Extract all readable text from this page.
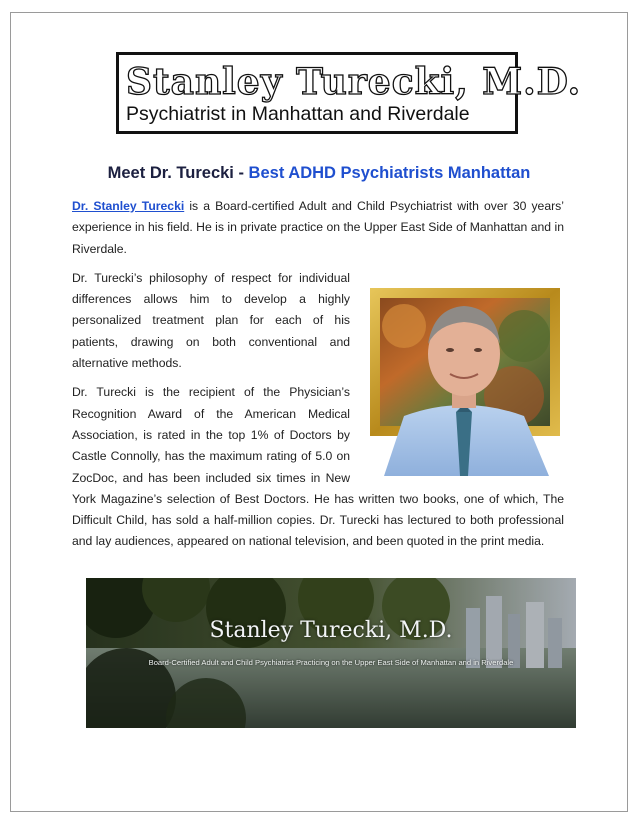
Stanley Turecki, M.D.
Psychiatrist in Manhattan and Riverdale
Meet Dr. Turecki - Best ADHD Psychiatrists Manhattan

Dr. Stanley Turecki is a Board-certified Adult and Child Psychiatrist with over 30 years’ experience in his field. He is in private practice on the Upper East Side of Manhattan and in Riverdale.

Dr. Turecki’s philosophy of respect for individual differences allows him to develop a highly personalized treatment plan for each of his patients, drawing on both conventional and alternative methods.

Dr. Turecki is the recipient of the Physician’s Recognition Award of the American Medical Association, is rated in the top 1% of Doctors by Castle Connolly, has the maximum rating of 5.0 on ZocDoc, and has been included six times in New York Magazine’s selection of Best Doctors. He has written two books, one of which, The Difficult Child, has sold a half-million copies. Dr. Turecki has lectured to both professional and lay audiences, appeared on national television, and been quoted in the print media.

Stanley Turecki, M.D.
Board-Certified Adult and Child Psychiatrist Practicing on the Upper East Side of Manhattan and in Riverdale
